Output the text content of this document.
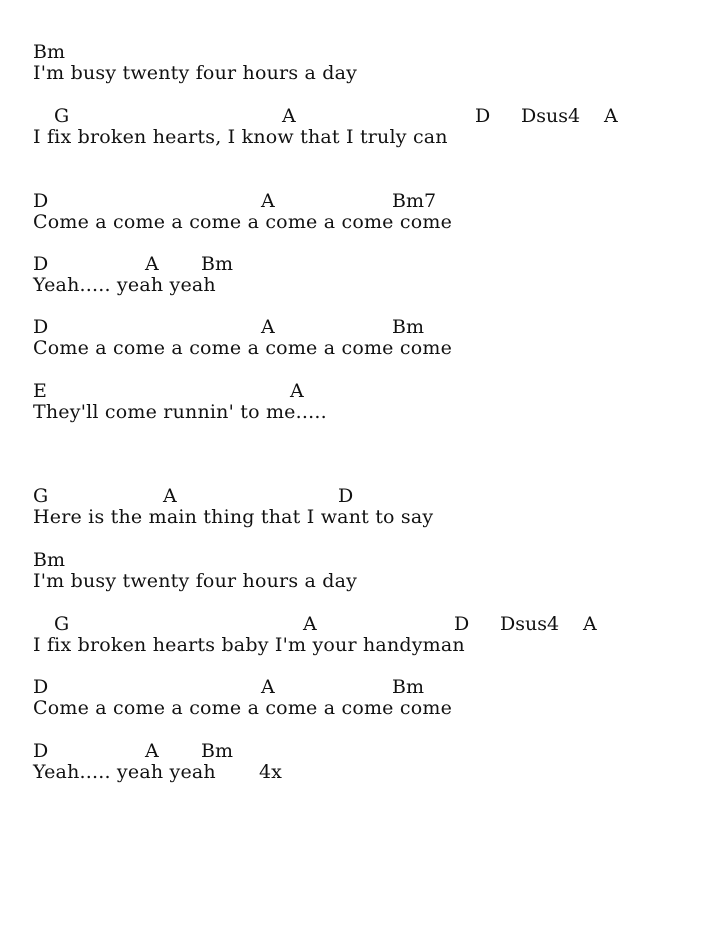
Bm

I'm busy twenty four hours a day

G	A	D Dsus4 A

I fix broken hearts, I know that I truly can

D	A	Bm7

Come a come a come a come a come come

D	A Bm

Yeah..... yeah yeah

D	A	Bm

Come a come a come a come a come come

E	A

They'll come runnin' to me.....

G	A	D

Here is the main thing that I want to say

Bm

I'm busy twenty four hours a day

G	A	D Dsus4 A

I fix broken hearts baby I'm your handyman

D	A	Bm

Come a come a come a come a come come

D	A Bm

Yeah..... yeah yeah 4x
